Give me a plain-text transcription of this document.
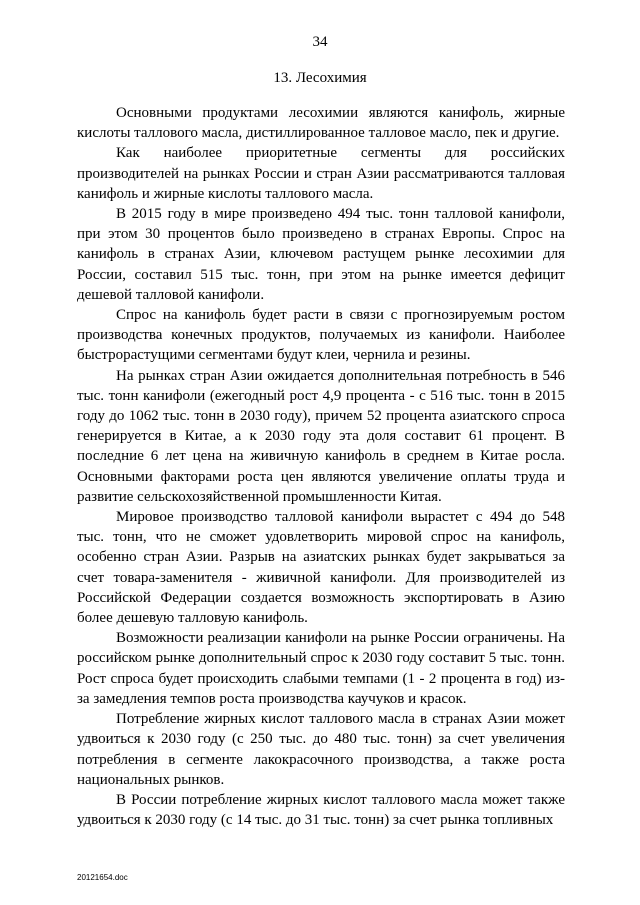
34
13. Лесохимия

Основными продуктами лесохимии являются канифоль, жирные кислоты таллового масла, дистиллированное талловое масло, пек и другие.

Как наиболее приоритетные сегменты для российских производителей на рынках России и стран Азии рассматриваются талловая канифоль и жирные кислоты таллового масла.

В 2015 году в мире произведено 494 тыс. тонн талловой канифоли, при этом 30 процентов было произведено в странах Европы. Спрос на канифоль в странах Азии, ключевом растущем рынке лесохимии для России, составил 515 тыс. тонн, при этом на рынке имеется дефицит дешевой талловой канифоли.

Спрос на канифоль будет расти в связи с прогнозируемым ростом производства конечных продуктов, получаемых из канифоли. Наиболее быстрорастущими сегментами будут клеи, чернила и резины.

На рынках стран Азии ожидается дополнительная потребность в 546 тыс. тонн канифоли (ежегодный рост 4,9 процента - с 516 тыс. тонн в 2015 году до 1062 тыс. тонн в 2030 году), причем 52 процента азиатского спроса генерируется в Китае, а к 2030 году эта доля составит 61 процент. В последние 6 лет цена на живичную канифоль в среднем в Китае росла. Основными факторами роста цен являются увеличение оплаты труда и развитие сельскохозяйственной промышленности Китая.

Мировое производство талловой канифоли вырастет с 494 до 548 тыс. тонн, что не сможет удовлетворить мировой спрос на канифоль, особенно стран Азии. Разрыв на азиатских рынках будет закрываться за счет товара-заменителя - живичной канифоли. Для производителей из Российской Федерации создается возможность экспортировать в Азию более дешевую талловую канифоль.

Возможности реализации канифоли на рынке России ограничены. На российском рынке дополнительный спрос к 2030 году составит 5 тыс. тонн. Рост спроса будет происходить слабыми темпами (1 - 2 процента в год) из-за замедления темпов роста производства каучуков и красок.

Потребление жирных кислот таллового масла в странах Азии может удвоиться к 2030 году (с 250 тыс. до 480 тыс. тонн) за счет увеличения потребления в сегменте лакокрасочного производства, а также роста национальных рынков.

В России потребление жирных кислот таллового масла может также удвоиться к 2030 году (с 14 тыс. до 31 тыс. тонн) за счет рынка топливных

20121654.doc
